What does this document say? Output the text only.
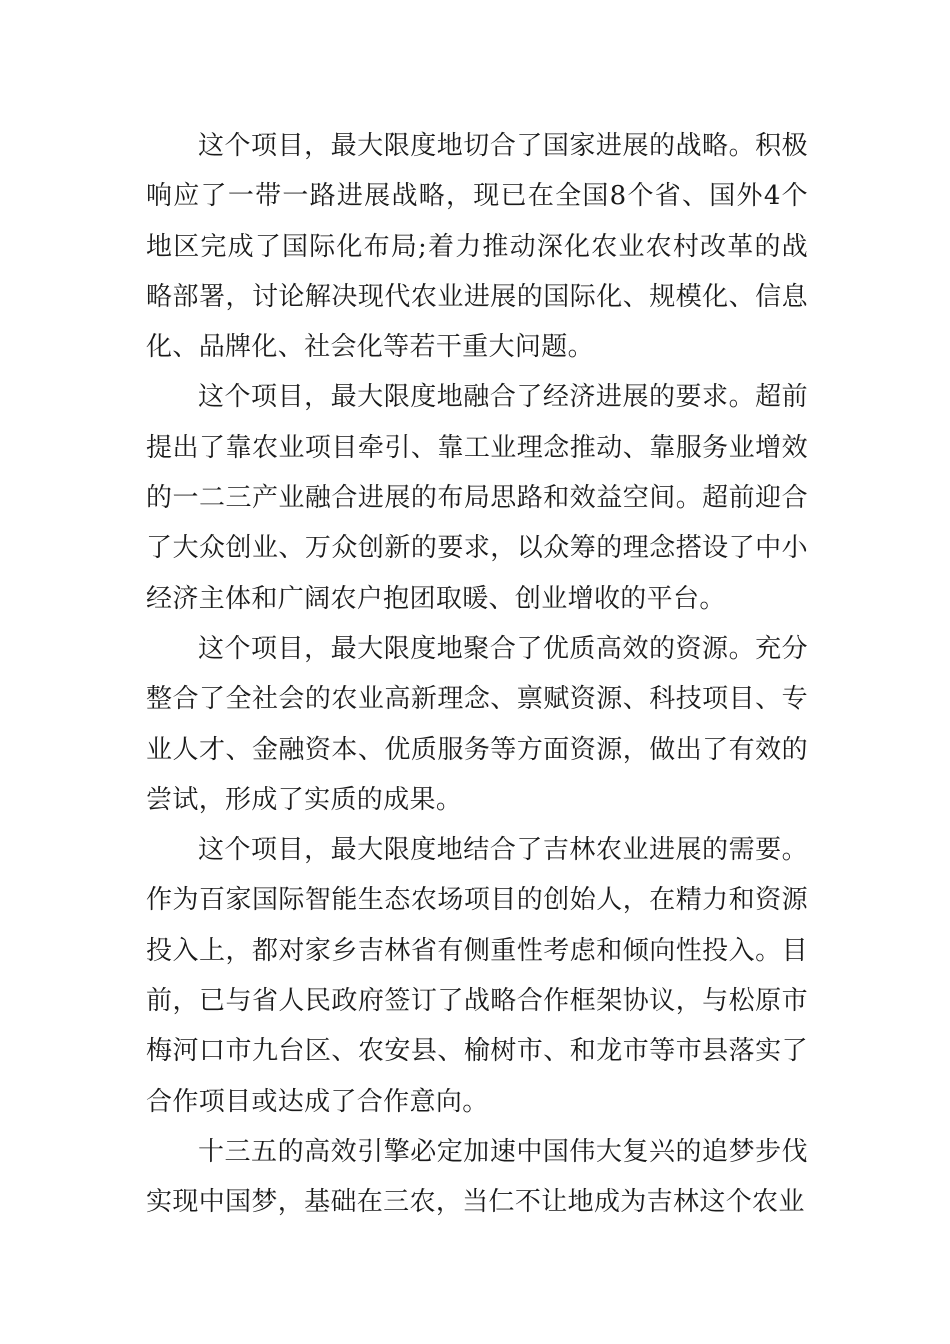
这个项目，最大限度地切合了国家进展的战略。积极响应了一带一路进展战略，现已在全国8个省、国外4个地区完成了国际化布局;着力推动深化农业农村改革的战略部署，讨论解决现代农业进展的国际化、规模化、信息化、品牌化、社会化等若干重大问题。

这个项目，最大限度地融合了经济进展的要求。超前提出了靠农业项目牵引、靠工业理念推动、靠服务业增效的一二三产业融合进展的布局思路和效益空间。超前迎合了大众创业、万众创新的要求，以众筹的理念搭设了中小经济主体和广阔农户抱团取暖、创业增收的平台。

这个项目，最大限度地聚合了优质高效的资源。充分整合了全社会的农业高新理念、禀赋资源、科技项目、专业人才、金融资本、优质服务等方面资源，做出了有效的尝试，形成了实质的成果。

这个项目，最大限度地结合了吉林农业进展的需要。作为百家国际智能生态农场项目的创始人，在精力和资源投入上，都对家乡吉林省有侧重性考虑和倾向性投入。目前，已与省人民政府签订了战略合作框架协议，与松原市梅河口市九台区、农安县、榆树市、和龙市等市县落实了合作项目或达成了合作意向。

十三五的高效引擎必定加速中国伟大复兴的追梦步伐实现中国梦，基础在三农，当仁不让地成为吉林这个农业
